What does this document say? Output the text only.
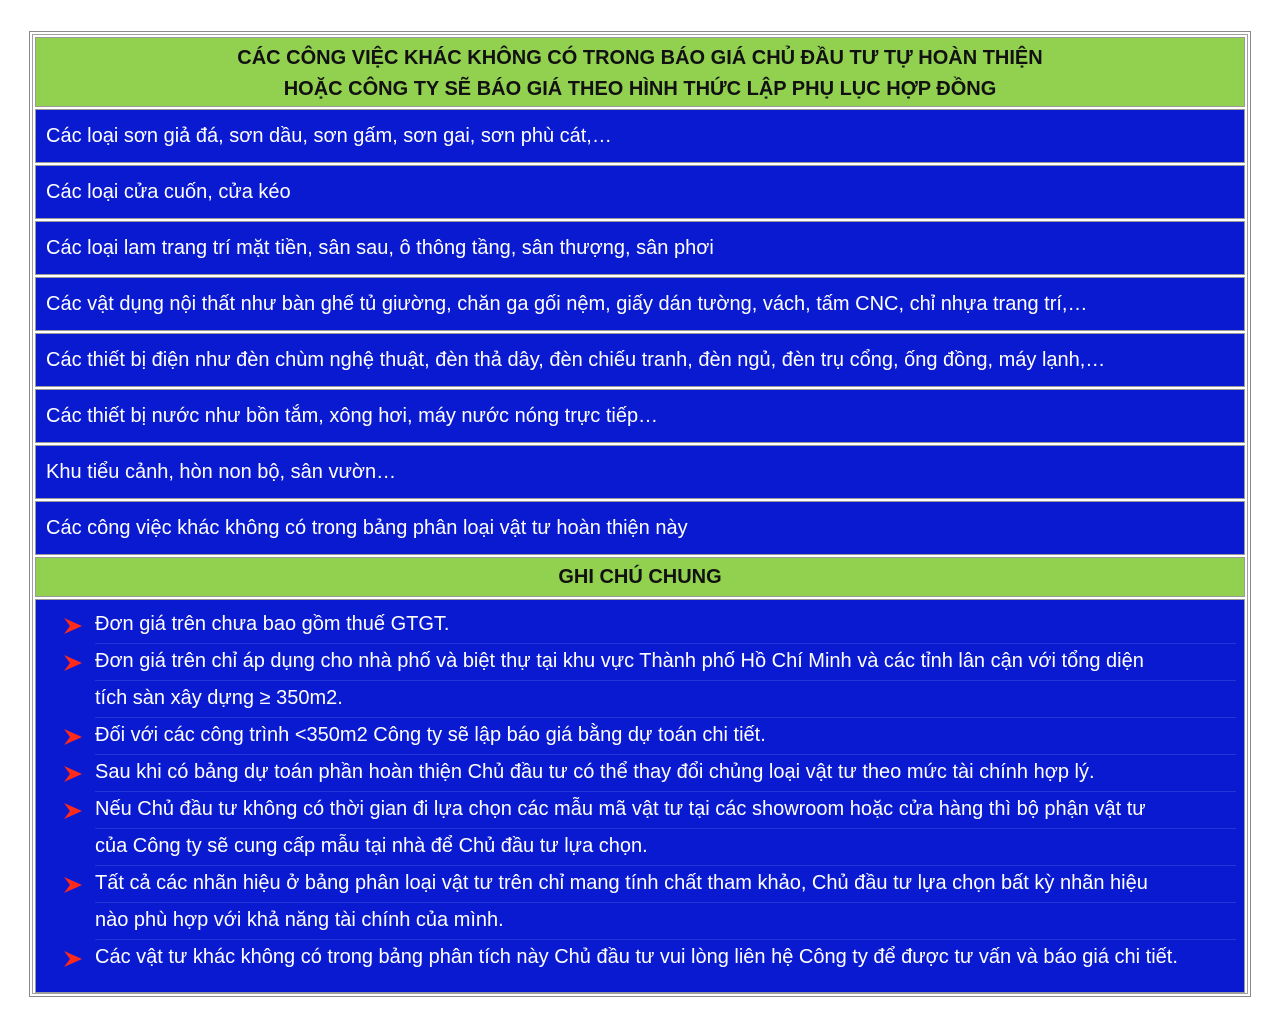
CÁC CÔNG VIỆC KHÁC KHÔNG CÓ TRONG BÁO GIÁ CHỦ ĐẦU TƯ TỰ HOÀN THIỆN
HOẶC CÔNG TY SẼ BÁO GIÁ THEO HÌNH THỨC LẬP PHỤ LỤC HỢP ĐỒNG
Các loại sơn giả đá, sơn dầu, sơn gấm, sơn gai, sơn phù cát,…
Các loại cửa cuốn, cửa kéo
Các loại lam trang trí mặt tiền, sân sau, ô thông tầng, sân thượng, sân phơi
Các vật dụng nội thất như bàn ghế tủ giường, chăn ga gối nệm, giấy dán tường, vách, tấm CNC, chỉ nhựa trang trí,…
Các thiết bị điện như đèn chùm nghệ thuật, đèn thả dây, đèn chiếu tranh, đèn ngủ, đèn trụ cổng, ống đồng, máy lạnh,…
Các thiết bị nước như bồn tắm, xông hơi, máy nước nóng trực tiếp…
Khu tiểu cảnh, hòn non bộ, sân vườn…
Các công việc khác không có trong bảng phân loại vật tư hoàn thiện này
GHI CHÚ CHUNG
Đơn giá trên chưa bao gồm thuế GTGT.
Đơn giá trên chỉ áp dụng cho nhà phố và biệt thự tại khu vực Thành phố Hồ Chí Minh và các tỉnh lân cận với tổng diện
tích sàn xây dựng ≥ 350m2.
Đối với các công trình <350m2 Công ty sẽ lập báo giá bằng dự toán chi tiết.
Sau khi có bảng dự toán phần hoàn thiện Chủ đầu tư có thể thay đổi chủng loại vật tư theo mức tài chính hợp lý.
Nếu Chủ đầu tư không có thời gian đi lựa chọn các mẫu mã vật tư tại các showroom hoặc cửa hàng thì bộ phận vật tư
của Công ty sẽ cung cấp mẫu tại nhà để Chủ đầu tư lựa chọn.
Tất cả các nhãn hiệu ở bảng phân loại vật tư trên chỉ mang tính chất tham khảo, Chủ đầu tư lựa chọn bất kỳ nhãn hiệu
nào phù hợp với khả năng tài chính của mình.
Các vật tư khác không có trong bảng phân tích này Chủ đầu tư vui lòng liên hệ Công ty để được tư vấn và báo giá chi tiết.
